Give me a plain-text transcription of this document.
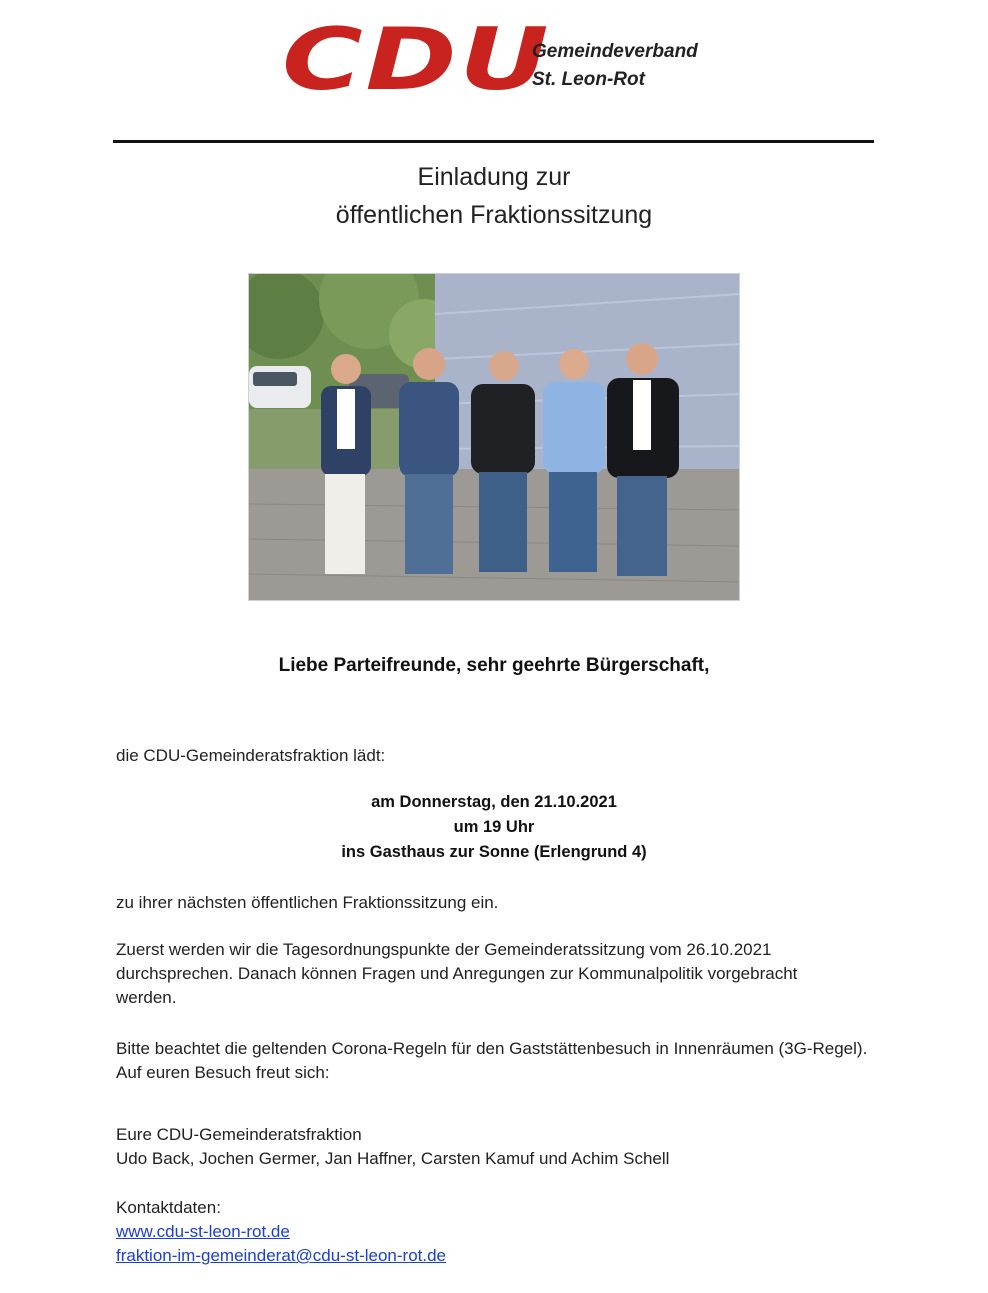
CDU
Gemeindeverband
St. Leon-Rot
Einladung zur
öffentlichen Fraktionssitzung
Liebe Parteifreunde, sehr geehrte Bürgerschaft,
die CDU-Gemeinderatsfraktion lädt:
am Donnerstag, den 21.10.2021
um 19 Uhr
ins Gasthaus zur Sonne (Erlengrund 4)
zu ihrer nächsten öffentlichen Fraktionssitzung ein.
Zuerst werden wir die Tagesordnungspunkte der Gemeinderatssitzung vom 26.10.2021 durchsprechen. Danach können Fragen und Anregungen zur Kommunalpolitik vorgebracht werden.
Bitte beachtet die geltenden Corona-Regeln für den Gaststättenbesuch in Innenräumen (3G-Regel). Auf euren Besuch freut sich:
Eure CDU-Gemeinderatsfraktion
Udo Back, Jochen Germer, Jan Haffner, Carsten Kamuf und Achim Schell
Kontaktdaten:
www.cdu-st-leon-rot.de
fraktion-im-gemeinderat@cdu-st-leon-rot.de
